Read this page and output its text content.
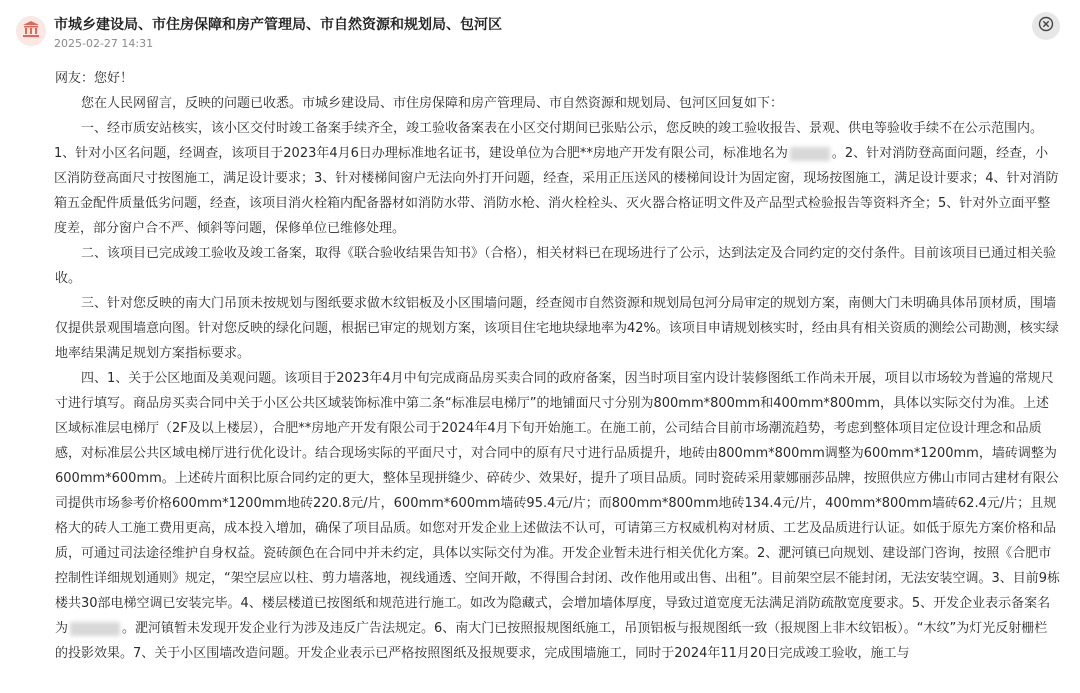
市城乡建设局、市住房保障和房产管理局、市自然资源和规划局、包河区
2025-02-27 14:31

网友：您好！

您在人民网留言，反映的问题已收悉。市城乡建设局、市住房保障和房产管理局、市自然资源和规划局、包河区回复如下：

一、经市质安站核实，该小区交付时竣工备案手续齐全，竣工验收备案表在小区交付期间已张贴公示，您反映的竣工验收报告、景观、供电等验收手续不在公示范围内。

1、针对小区名问题，经调查，该项目于2023年4月6日办理标准地名证书，建设单位为合肥**房地产开发有限公司，标准地名为	。2、针对消防登高面问题，经查，小区消防登高面尺寸按图施工，满足设计要求；3、针对楼梯间窗户无法向外打开问题，经查，采用正压送风的楼梯间设计为固定窗，现场按图施工，满足设计要求；4、针对消防箱五金配件质量低劣问题，经查，该项目消火栓箱内配备器材如消防水带、消防水枪、消火栓栓头、灭火器合格证明文件及产品型式检验报告等资料齐全；5、针对外立面平整度差，部分窗户合不严、倾斜等问题，保修单位已维修处理。

二、该项目已完成竣工验收及竣工备案，取得《联合验收结果告知书》（合格），相关材料已在现场进行了公示，达到法定及合同约定的交付条件。目前该项目已通过相关验收。

三、针对您反映的南大门吊顶未按规划与图纸要求做木纹铝板及小区围墙问题，经查阅市自然资源和规划局包河分局审定的规划方案，南侧大门未明确具体吊顶材质，围墙仅提供景观围墙意向图。针对您反映的绿化问题，根据已审定的规划方案，该项目住宅地块绿地率为42%。该项目申请规划核实时，经由具有相关资质的测绘公司勘测，核实绿地率结果满足规划方案指标要求。

四、1、关于公区地面及美观问题。该项目于2023年4月中旬完成商品房买卖合同的政府备案，因当时项目室内设计装修图纸工作尚未开展，项目以市场较为普遍的常规尺寸进行填写。商品房买卖合同中关于小区公共区域装饰标准中第二条“标准层电梯厅”的地铺面尺寸分别为800mm*800mm和400mm*800mm，具体以实际交付为准。上述区域标准层电梯厅（2F及以上楼层），合肥**房地产开发有限公司于2024年4月下旬开始施工。在施工前，公司结合目前市场潮流趋势，考虑到整体项目定位设计理念和品质感，对标准层公共区域电梯厅进行优化设计。结合现场实际的平面尺寸，对合同中的原有尺寸进行品质提升，地砖由800mm*800mm调整为600mm*1200mm，墙砖调整为600mm*600mm。上述砖片面积比原合同约定的更大，整体呈现拼缝少、碎砖少、效果好，提升了项目品质。同时瓷砖采用蒙娜丽莎品牌，按照供应方佛山市同古建材有限公司提供市场参考价格600mm*1200mm地砖220.8元/片，600mm*600mm墙砖95.4元/片；而800mm*800mm地砖134.4元/片，400mm*800mm墙砖62.4元/片；且规格大的砖人工施工费用更高，成本投入增加，确保了项目品质。如您对开发企业上述做法不认可，可请第三方权威机构对材质、工艺及品质进行认证。如低于原先方案价格和品质，可通过司法途径维护自身权益。瓷砖颜色在合同中并未约定，具体以实际交付为准。开发企业暂未进行相关优化方案。2、淝河镇已向规划、建设部门咨询，按照《合肥市控制性详细规划通则》规定，“架空层应以柱、剪力墙落地，视线通透、空间开敞，不得围合封闭、改作他用或出售、出租”。目前架空层不能封闭，无法安装空调。3、目前9栋楼共30部电梯空调已安装完毕。4、楼层楼道已按图纸和规范进行施工。如改为隐藏式，会增加墙体厚度，导致过道宽度无法满足消防疏散宽度要求。5、开发企业表示备案名为	。淝河镇暂未发现开发企业行为涉及违反广告法规定。6、南大门已按照报规图纸施工，吊顶铝板与报规图纸一致（报规图上非木纹铝板）。“木纹”为灯光反射栅栏的投影效果。7、关于小区围墙改造问题。开发企业表示已严格按照图纸及报规要求，完成围墙施工，同时于2024年11月20日完成竣工验收，施工与
